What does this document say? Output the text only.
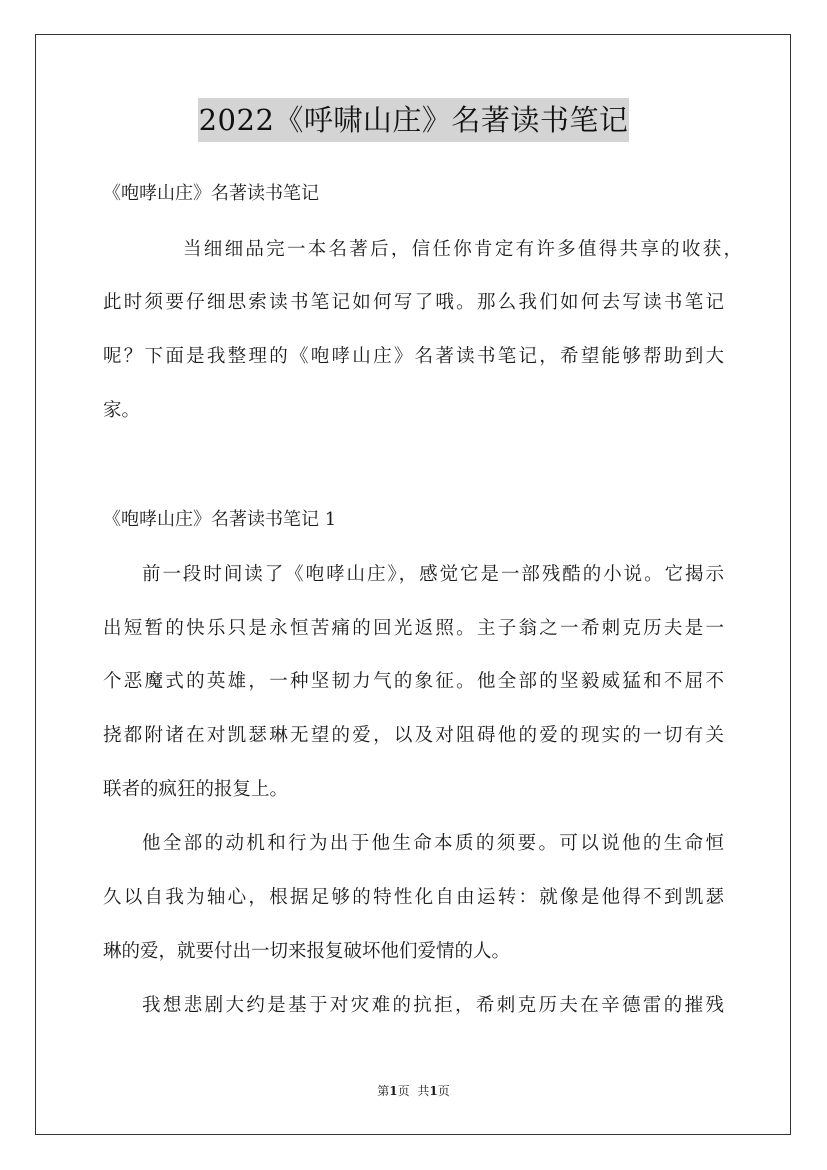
2022《呼啸山庄》名著读书笔记
《咆哮山庄》名著读书笔记
当细细品完一本名著后，信任你肯定有许多值得共享的收获，
此时须要仔细思索读书笔记如何写了哦。那么我们如何去写读书笔记
呢？下面是我整理的《咆哮山庄》名著读书笔记，希望能够帮助到大
家。
《咆哮山庄》名著读书笔记 1
前一段时间读了《咆哮山庄》，感觉它是一部残酷的小说。它揭示
出短暂的快乐只是永恒苦痛的回光返照。主子翁之一希刺克历夫是一
个恶魔式的英雄，一种坚韧力气的象征。他全部的坚毅威猛和不屈不
挠都附诸在对凯瑟琳无望的爱，以及对阻碍他的爱的现实的一切有关
联者的疯狂的报复上。
他全部的动机和行为出于他生命本质的须要。可以说他的生命恒
久以自我为轴心，根据足够的特性化自由运转：就像是他得不到凯瑟
琳的爱，就要付出一切来报复破坏他们爱情的人。
我想悲剧大约是基于对灾难的抗拒，希刺克历夫在辛德雷的摧残
第1页 共1页
